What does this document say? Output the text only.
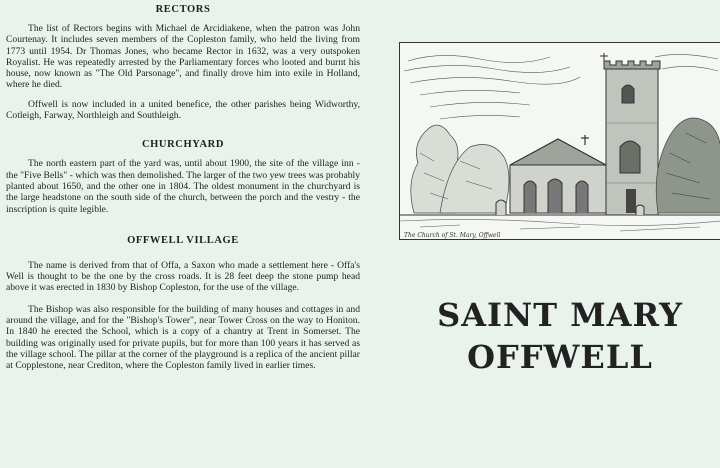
RECTORS

The list of Rectors begins with Michael de Arcidiakene, when the patron was John Courtenay. It includes seven members of the Copleston family, who held the living from 1773 until 1954. Dr Thomas Jones, who became Rector in 1632, was a very outspoken Royalist. He was repeatedly arrested by the Parliamentary forces who looted and burnt his house, now known as "The Old Parsonage", and finally drove him into exile in Holland, where he died.

Offwell is now included in a united benefice, the other parishes being Widworthy, Cotleigh, Farway, Northleigh and Southleigh.

CHURCHYARD

The north eastern part of the yard was, until about 1900, the site of the village inn - the "Five Bells" - which was then demolished. The larger of the two yew trees was probably planted about 1650, and the other one in 1804. The oldest monument in the churchyard is the large headstone on the south side of the church, between the porch and the vestry - the inscription is quite legible.

OFFWELL VILLAGE

The name is derived from that of Offa, a Saxon who made a settlement here - Offa's Well is thought to be the one by the cross roads. It is 28 feet deep the stone pump head above it was erected in 1830 by Bishop Copleston, for the use of the village.

The Bishop was also responsible for the building of many houses and cottages in and around the village, and for the "Bishop's Tower", near Tower Cross on the way to Honiton. In 1840 he erected the School, which is a copy of a chantry at Trent in Somerset. The building was originally used for private pupils, but for more than 100 years it has served as the village school. The pillar at the corner of the playground is a replica of the ancient pillar at Copplestone, near Crediton, where the Copleston family lived in earlier times.

The Church of St. Mary, Offwell
SAINT MARY
OFFWELL
